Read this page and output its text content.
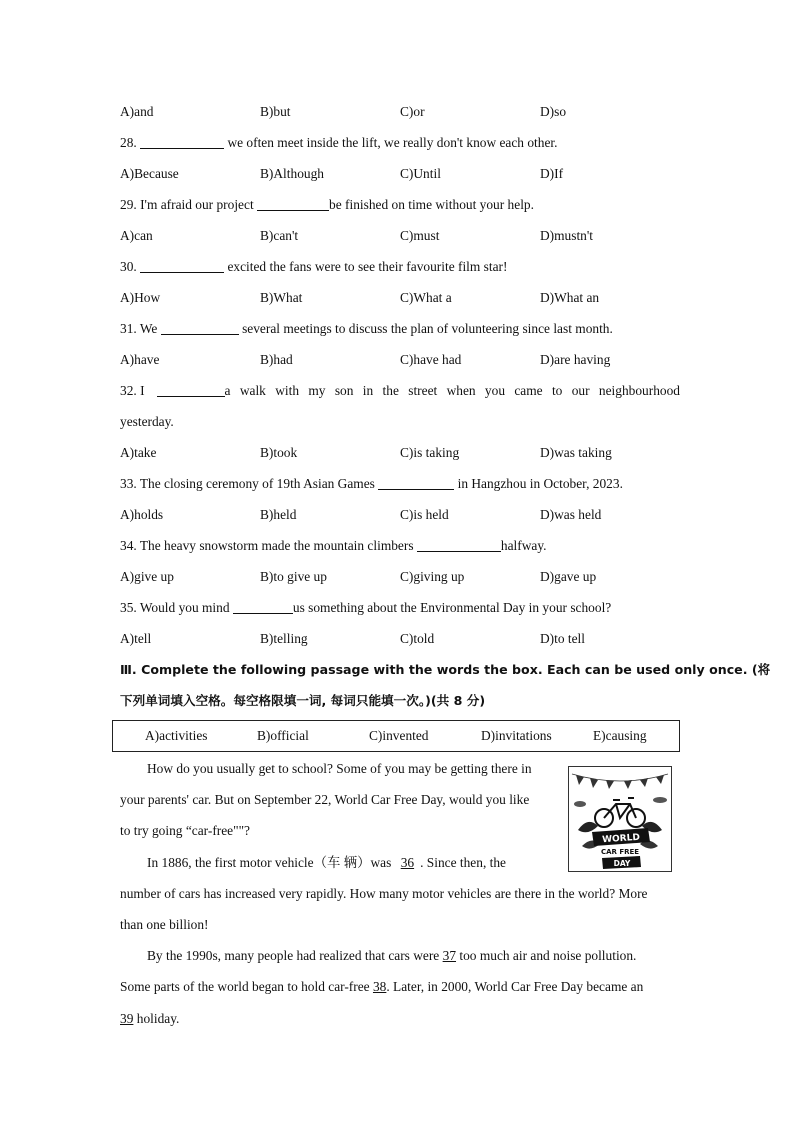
A)and	B)but	C)or	D)so
28.	we often meet inside the lift, we really don't know each other.
A)Because	B)Although	C)Until	D)If
29. I'm afraid our project	be finished on time without your help.
A)can	B)can't	C)must	D)mustn't
30.	excited the fans were to see their favourite film star!
A)How	B)What	C)What a	D)What an
31. We	several meetings to discuss the plan of volunteering since last month.
A)have	B)had	C)have had	D)are having
32. I	a walk with my son in the street when you came to our neighbourhood
yesterday.
A)take	B)took	C)is taking	D)was taking
33. The closing ceremony of 19th Asian Games	in Hangzhou in October, 2023.
A)holds	B)held	C)is held	D)was held
34. The heavy snowstorm made the mountain climbers	halfway.
A)give up	B)to give up	C)giving up	D)gave up
35. Would you mind	us something about the Environmental Day in your school?
A)tell	B)telling	C)told	D)to tell
Ⅲ. Complete the following passage with the words the box. Each can be used only once. (将
下列单词填入空格。每空格限填一词, 每词只能填一次。)(共 8 分)
A)activities	B)official	C)invented	D)invitations	E)causing
How do you usually get to school? Some of you may be getting there in
your parents' car. But on September 22, World Car Free Day, would you like
to try going “car-free""?
In 1886, the first motor vehicle（车 辆）was 36 . Since then, the
number of cars has increased very rapidly. How many motor vehicles are there in the world? More
than one billion!
By the 1990s, many people had realized that cars were 37 too much air and noise pollution.
Some parts of the world began to hold car-free 38. Later, in 2000, World Car Free Day became an
39 holiday.
WORLD
CAR FREE
DAY
